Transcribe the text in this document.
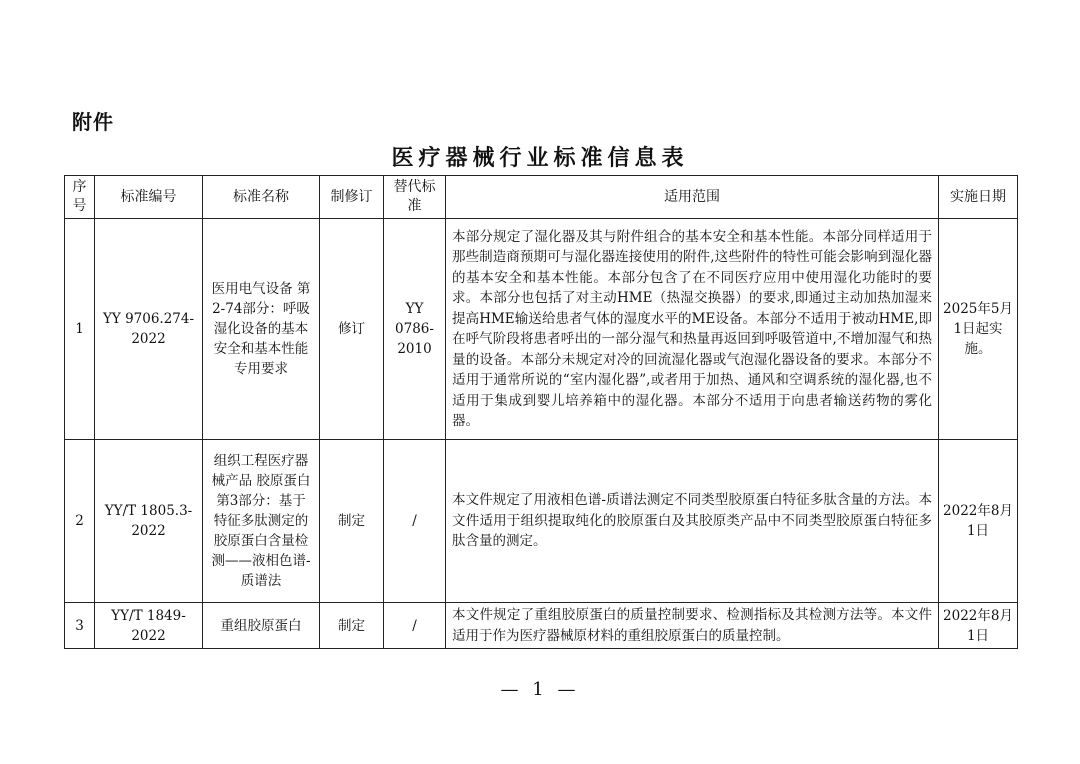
附件
医疗器械行业标准信息表
序号	标准编号	标准名称	制修订	替代标准	适用范围	实施日期
1	YY 9706.274-2022	医用电气设备 第2-74部分：呼吸湿化设备的基本安全和基本性能专用要求	修订	YY 0786-2010	本部分规定了湿化器及其与附件组合的基本安全和基本性能。本部分同样适用于那些制造商预期可与湿化器连接使用的附件,这些附件的特性可能会影响到湿化器的基本安全和基本性能。本部分包含了在不同医疗应用中使用湿化功能时的要求。本部分也包括了对主动HME（热湿交换器）的要求,即通过主动加热加湿来提高HME输送给患者气体的湿度水平的ME设备。本部分不适用于被动HME,即在呼气阶段将患者呼出的一部分湿气和热量再返回到呼吸管道中,不增加湿气和热量的设备。本部分未规定对冷的回流湿化器或气泡湿化器设备的要求。本部分不适用于通常所说的“室内湿化器”,或者用于加热、通风和空调系统的湿化器,也不适用于集成到婴儿培养箱中的湿化器。本部分不适用于向患者输送药物的雾化器。	2025年5月1日起实施。
2	YY/T 1805.3-2022	组织工程医疗器械产品 胶原蛋白 第3部分：基于特征多肽测定的胶原蛋白含量检测——液相色谱-质谱法	制定	/	本文件规定了用液相色谱-质谱法测定不同类型胶原蛋白特征多肽含量的方法。本文件适用于组织提取纯化的胶原蛋白及其胶原类产品中不同类型胶原蛋白特征多肽含量的测定。	2022年8月1日
3	YY/T 1849-2022	重组胶原蛋白	制定	/	本文件规定了重组胶原蛋白的质量控制要求、检测指标及其检测方法等。本文件适用于作为医疗器械原材料的重组胶原蛋白的质量控制。	2022年8月1日
— 1 —
